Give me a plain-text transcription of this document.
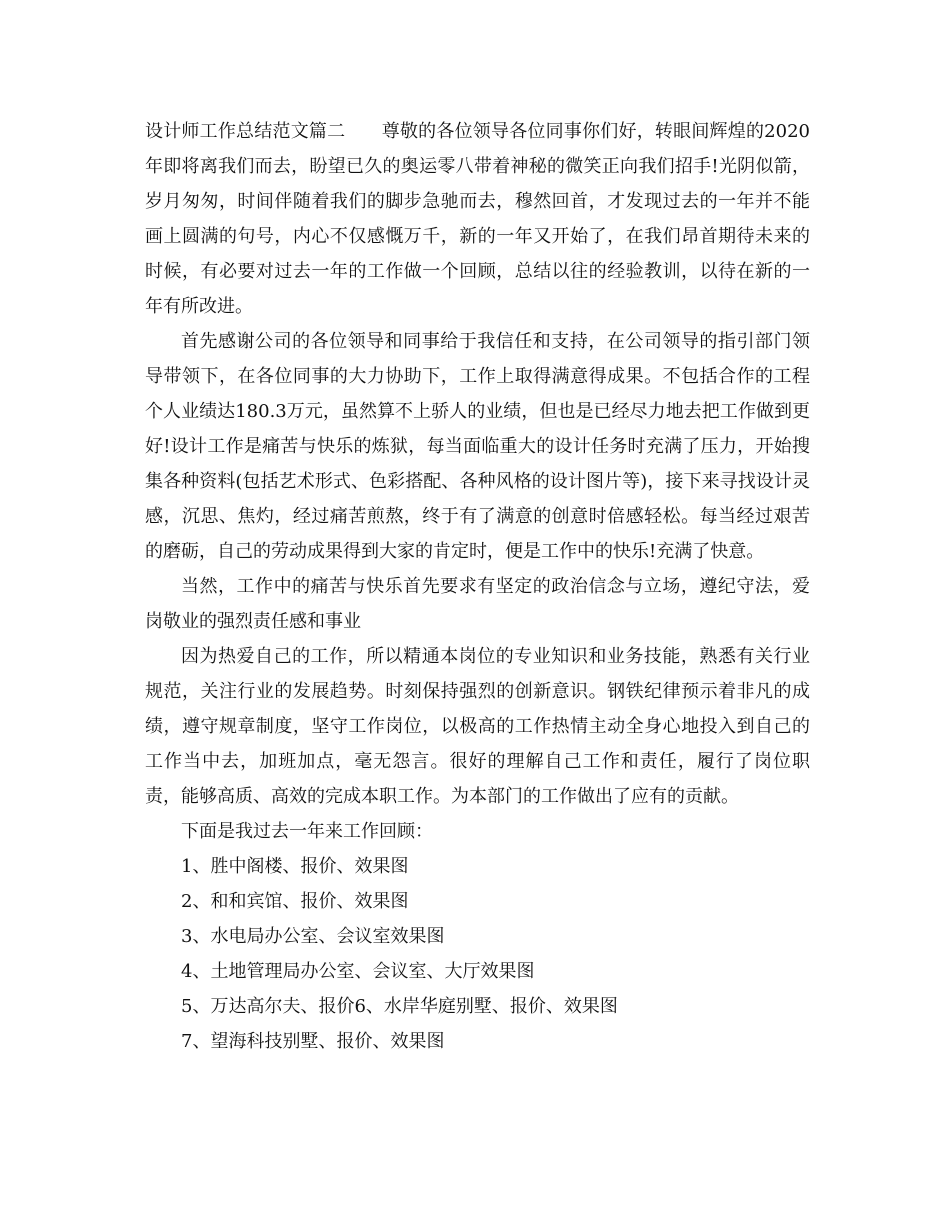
设计师工作总结范文篇二　　尊敬的各位领导各位同事你们好，转眼间辉煌的2020年即将离我们而去，盼望已久的奥运零八带着神秘的微笑正向我们招手!光阴似箭，岁月匆匆，时间伴随着我们的脚步急驰而去，穆然回首，才发现过去的一年并不能画上圆满的句号，内心不仅感慨万千，新的一年又开始了，在我们昂首期待未来的时候，有必要对过去一年的工作做一个回顾，总结以往的经验教训，以待在新的一年有所改进。

首先感谢公司的各位领导和同事给于我信任和支持，在公司领导的指引部门领导带领下，在各位同事的大力协助下，工作上取得满意得成果。不包括合作的工程个人业绩达180.3万元，虽然算不上骄人的业绩，但也是已经尽力地去把工作做到更好!设计工作是痛苦与快乐的炼狱，每当面临重大的设计任务时充满了压力，开始搜集各种资料(包括艺术形式、色彩搭配、各种风格的设计图片等)，接下来寻找设计灵感，沉思、焦灼，经过痛苦煎熬，终于有了满意的创意时倍感轻松。每当经过艰苦的磨砺，自己的劳动成果得到大家的肯定时，便是工作中的快乐!充满了快意。

当然，工作中的痛苦与快乐首先要求有坚定的政治信念与立场，遵纪守法，爱岗敬业的强烈责任感和事业

因为热爱自己的工作，所以精通本岗位的专业知识和业务技能，熟悉有关行业规范，关注行业的发展趋势。时刻保持强烈的创新意识。钢铁纪律预示着非凡的成绩，遵守规章制度，坚守工作岗位，以极高的工作热情主动全身心地投入到自己的工作当中去，加班加点，毫无怨言。很好的理解自己工作和责任，履行了岗位职责，能够高质、高效的完成本职工作。为本部门的工作做出了应有的贡献。

下面是我过去一年来工作回顾：

1、胜中阁楼、报价、效果图
2、和和宾馆、报价、效果图
3、水电局办公室、会议室效果图
4、土地管理局办公室、会议室、大厅效果图
5、万达高尔夫、报价6、水岸华庭别墅、报价、效果图
7、望海科技别墅、报价、效果图
